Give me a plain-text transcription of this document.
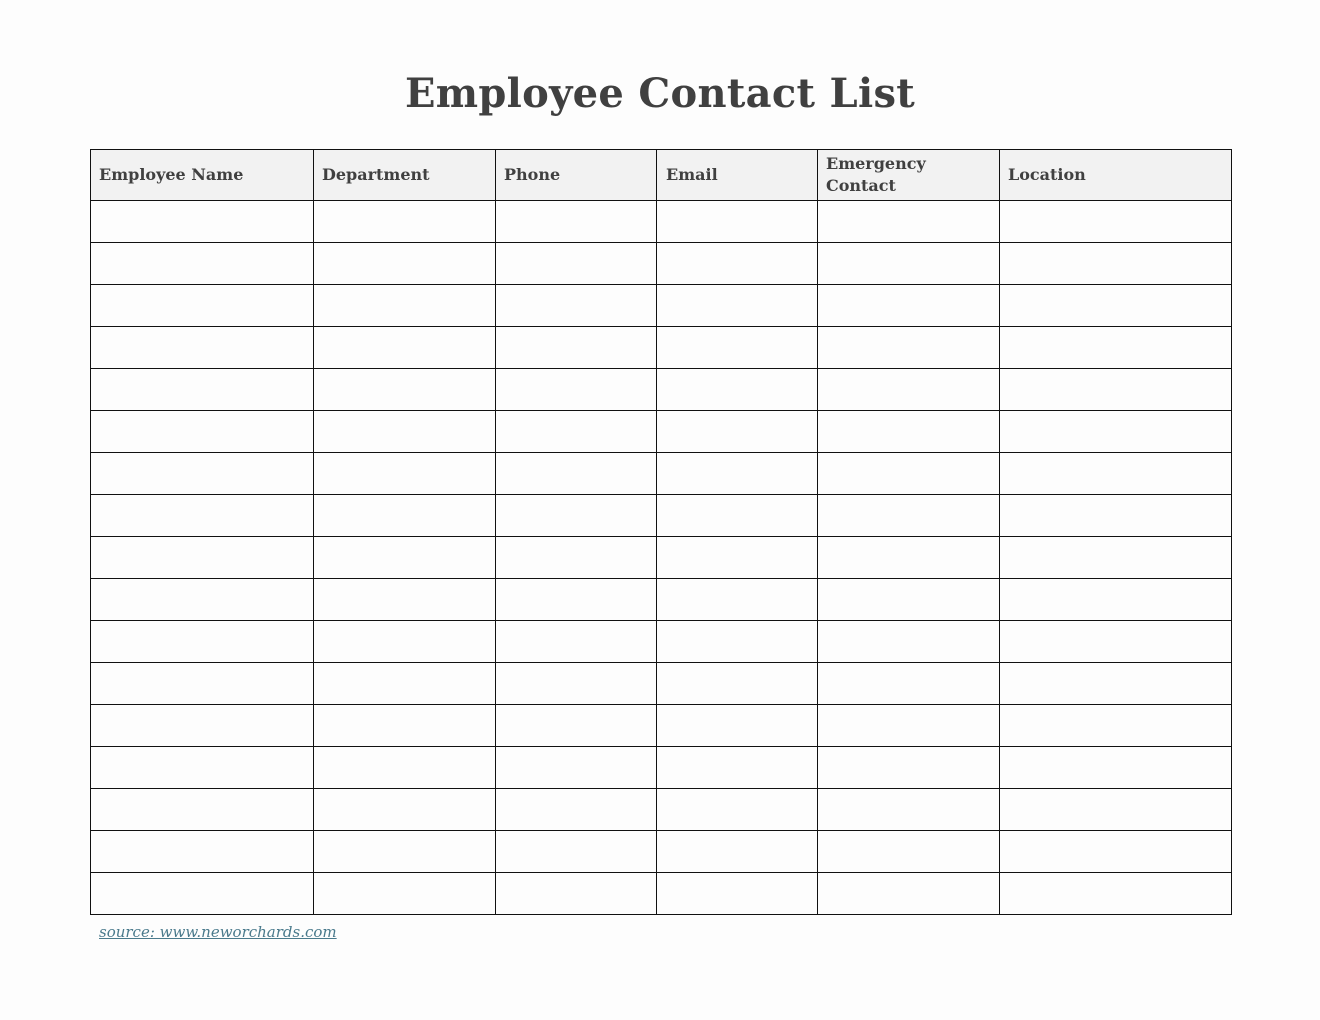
Employee Contact List
Employee Name	Department	Phone	Email	Emergency Contact	Location

source: www.neworchards.com
